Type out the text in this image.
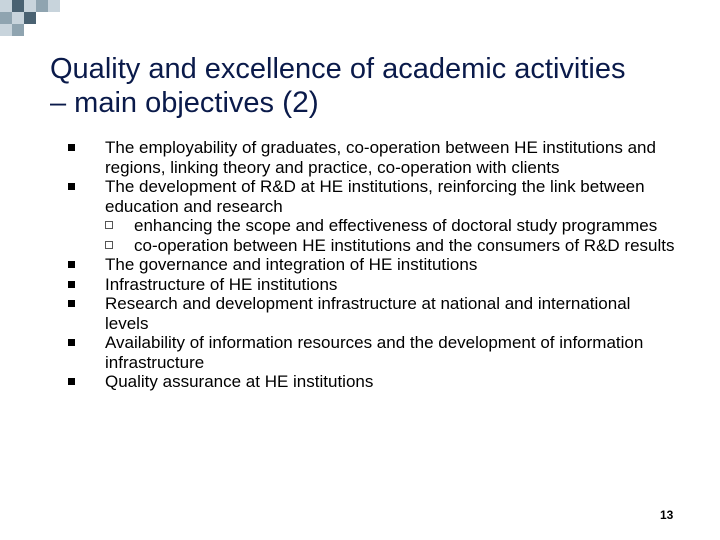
Quality and excellence of academic activities
– main objectives (2)
The employability of graduates, co-operation between HE institutions and regions, linking theory and practice, co-operation with clients
The development of R&D at HE institutions, reinforcing the link between education and research
enhancing the scope and effectiveness of doctoral study programmes
co-operation between HE institutions and the consumers of R&D results
The governance and integration of HE institutions
Infrastructure of HE institutions
Research and development infrastructure at national and international levels
Availability of information resources and the development of information infrastructure
Quality assurance at HE institutions
13
